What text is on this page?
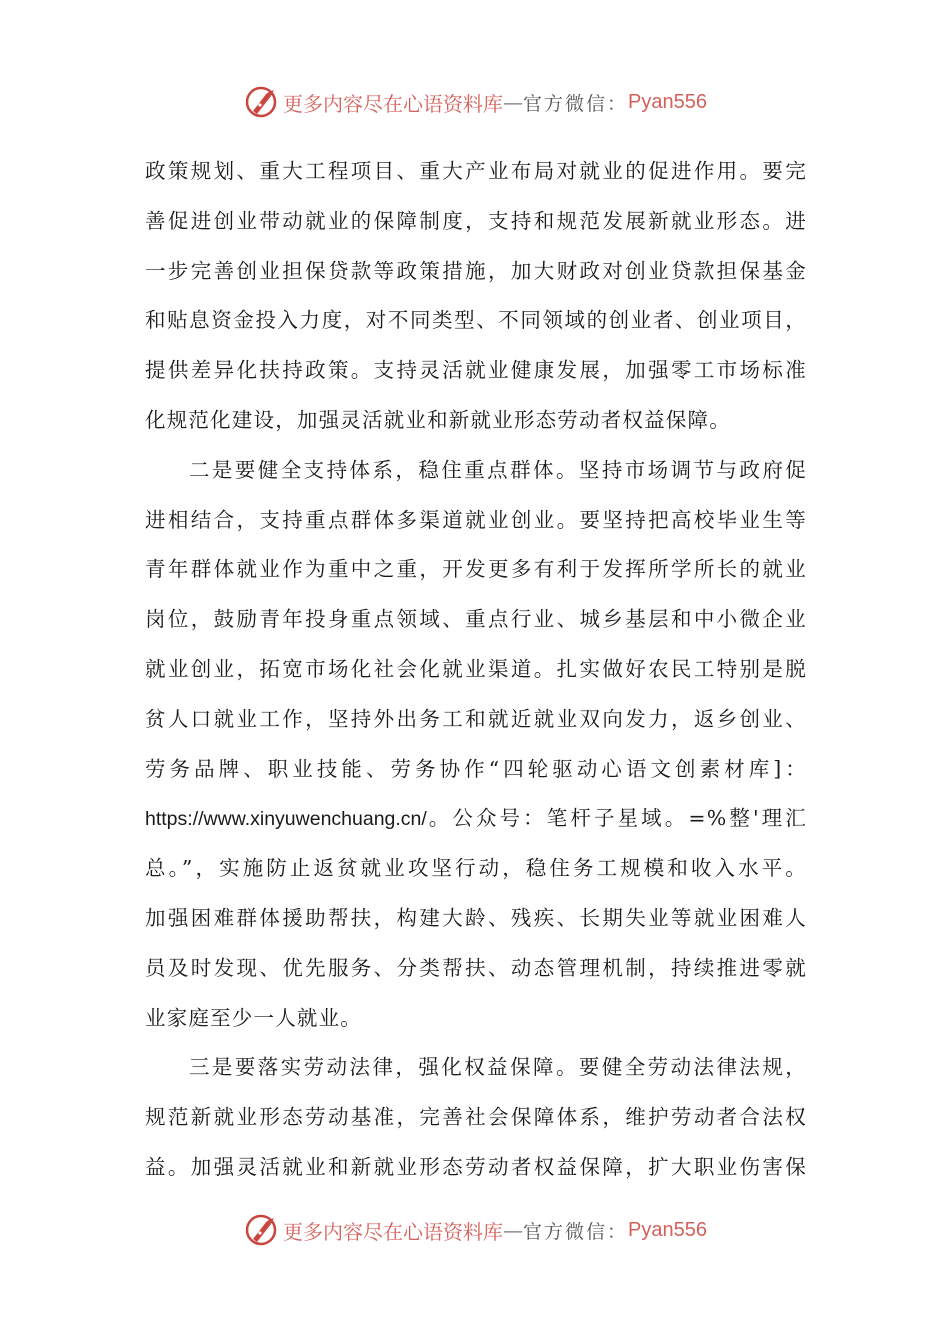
更多内容尽在心语资料库 — 官方微信： Pyan556
政策规划、重大工程项目、重大产业布局对就业的促进作用。要完
善促进创业带动就业的保障制度，支持和规范发展新就业形态。进
一步完善创业担保贷款等政策措施，加大财政对创业贷款担保基金
和贴息资金投入力度，对不同类型、不同领域的创业者、创业项目，
提供差异化扶持政策。支持灵活就业健康发展，加强零工市场标准
化规范化建设，加强灵活就业和新就业形态劳动者权益保障。
二是要健全支持体系，稳住重点群体。坚持市场调节与政府促
进相结合，支持重点群体多渠道就业创业。要坚持把高校毕业生等
青年群体就业作为重中之重，开发更多有利于发挥所学所长的就业
岗位，鼓励青年投身重点领域、重点行业、城乡基层和中小微企业
就业创业，拓宽市场化社会化就业渠道。扎实做好农民工特别是脱
贫人口就业工作，坚持外出务工和就近就业双向发力，返乡创业、
劳务品牌、职业技能、劳务协作“四轮驱动心语文创素材库]：
https://www.xinyuwenchuang.cn/。公众号：笔杆子星域。=%整'理汇
总。”，实施防止返贫就业攻坚行动，稳住务工规模和收入水平。
加强困难群体援助帮扶，构建大龄、残疾、长期失业等就业困难人
员及时发现、优先服务、分类帮扶、动态管理机制，持续推进零就
业家庭至少一人就业。
三是要落实劳动法律，强化权益保障。要健全劳动法律法规，
规范新就业形态劳动基准，完善社会保障体系，维护劳动者合法权
益。加强灵活就业和新就业形态劳动者权益保障，扩大职业伤害保
更多内容尽在心语资料库 — 官方微信： Pyan556
